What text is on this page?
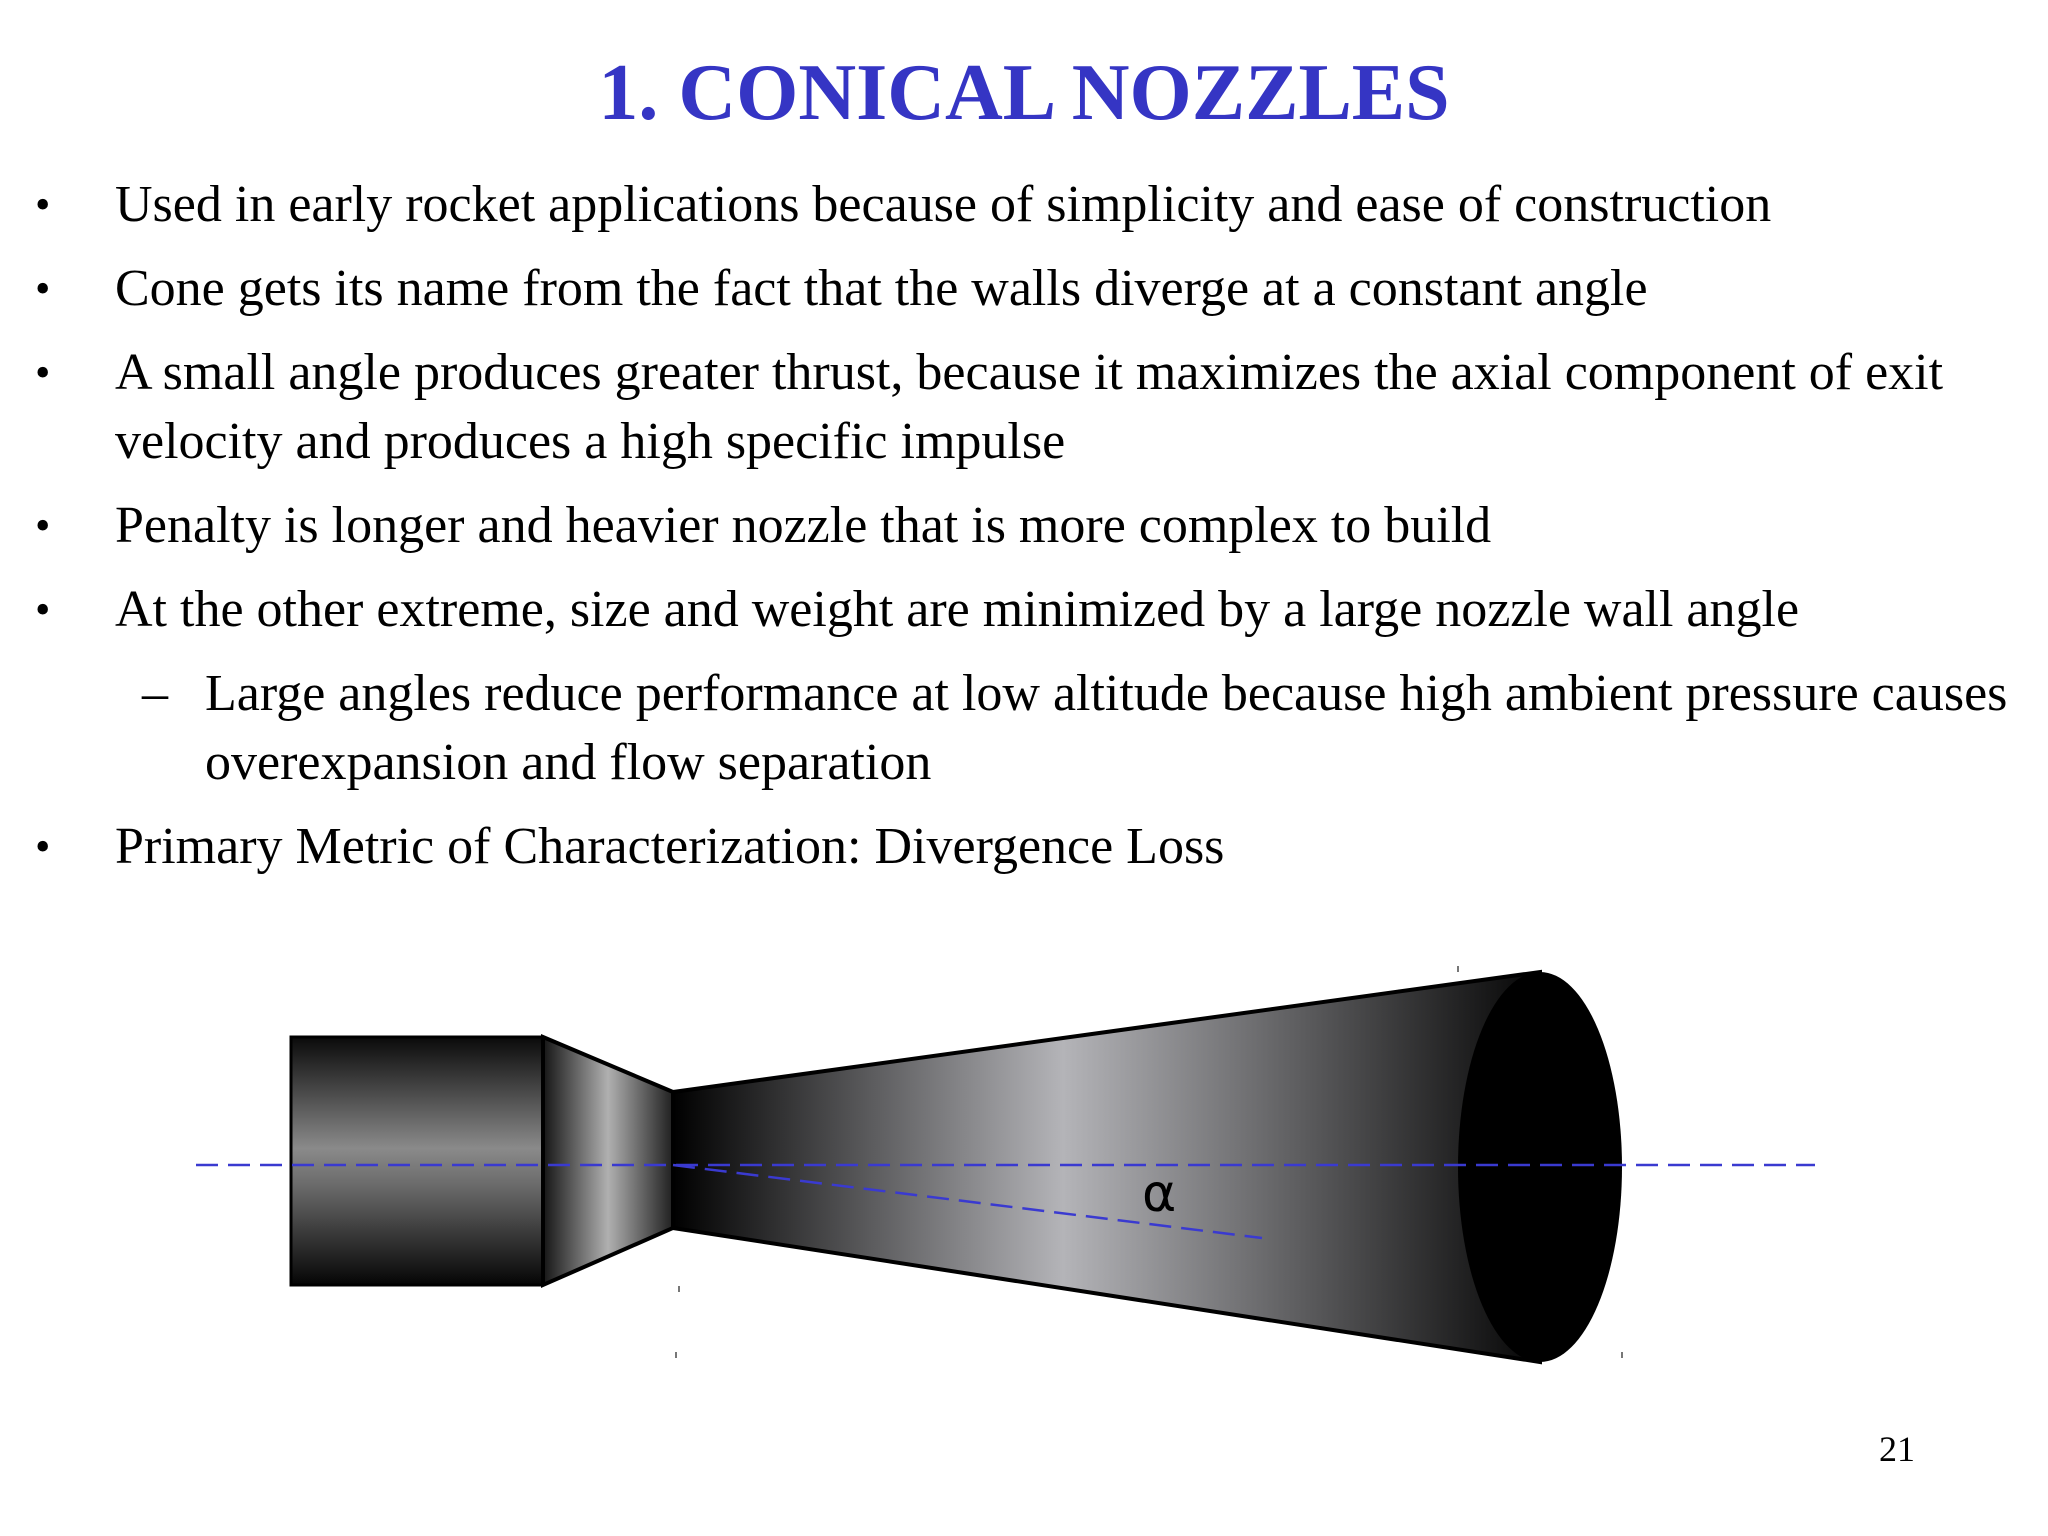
1. CONICAL NOZZLES
• Used in early rocket applications because of simplicity and ease of construction
• Cone gets its name from the fact that the walls diverge at a constant angle
• A small angle produces greater thrust, because it maximizes the axial component of exit velocity and produces a high specific impulse
• Penalty is longer and heavier nozzle that is more complex to build
• At the other extreme, size and weight are minimized by a large nozzle wall angle
– Large angles reduce performance at low altitude because high ambient pressure causes overexpansion and flow separation
• Primary Metric of Characterization: Divergence Loss
α
21
